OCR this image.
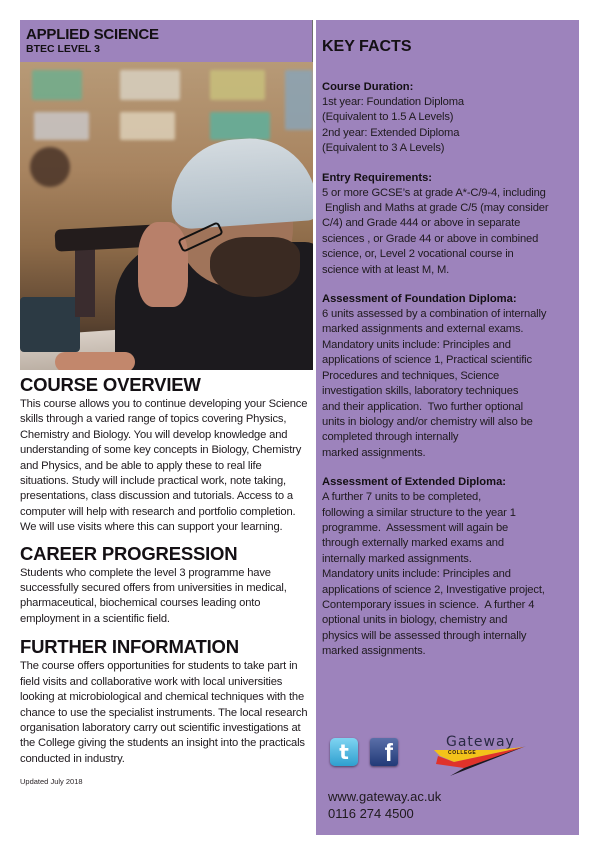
APPLIED SCIENCE
BTEC LEVEL 3
COURSE OVERVIEW
This course allows you to continue developing your Science skills through a varied range of topics covering Physics, Chemistry and Biology. You will develop knowledge and understanding of some key concepts in Biology, Chemistry and Physics, and be able to apply these to real life situations. Study will include practical work, note taking, presentations, class discussion and tutorials. Access to a computer will help with research and portfolio completion. We will use visits where this can support your learning.
CAREER PROGRESSION
Students who complete the level 3 programme have successfully secured offers from universities in medical, pharmaceutical, biochemical courses leading onto employment in a scientific field.
FURTHER INFORMATION
The course offers opportunities for students to take part in field visits and collaborative work with local universities looking at microbiological and chemical techniques with the chance to use the specialist instruments. The local research organisation laboratory carry out scientific investigations at the College giving the students an insight into the practicals conducted in industry.
Updated July 2018
KEY FACTS
Course Duration:
1st year: Foundation Diploma
(Equivalent to 1.5 A Levels)
2nd year: Extended Diploma
(Equivalent to 3 A Levels)
Entry Requirements:
5 or more GCSE’s at grade A*-C/9-4, including
English and Maths at grade C/5 (may consider
C/4) and Grade 444 or above in separate
sciences , or Grade 44 or above in combined
science, or, Level 2 vocational course in
science with at least M, M.
Assessment of Foundation Diploma:
6 units assessed by a combination of internally
marked assignments and external exams.
Mandatory units include: Principles and
applications of science 1, Practical scientific
Procedures and techniques, Science
investigation skills, laboratory techniques
and their application.  Two further optional
units in biology and/or chemistry will also be
completed through internally
marked assignments.
Assessment of Extended Diploma:
A further 7 units to be completed,
following a similar structure to the year 1
programme.  Assessment will again be
through externally marked exams and
internally marked assignments.
Mandatory units include: Principles and
applications of science 2, Investigative project,
Contemporary issues in science.  A further 4
optional units in biology, chemistry and
physics will be assessed through internally
marked assignments.
t	f	Gateway
COLLEGE
www.gateway.ac.uk
0116 274 4500
